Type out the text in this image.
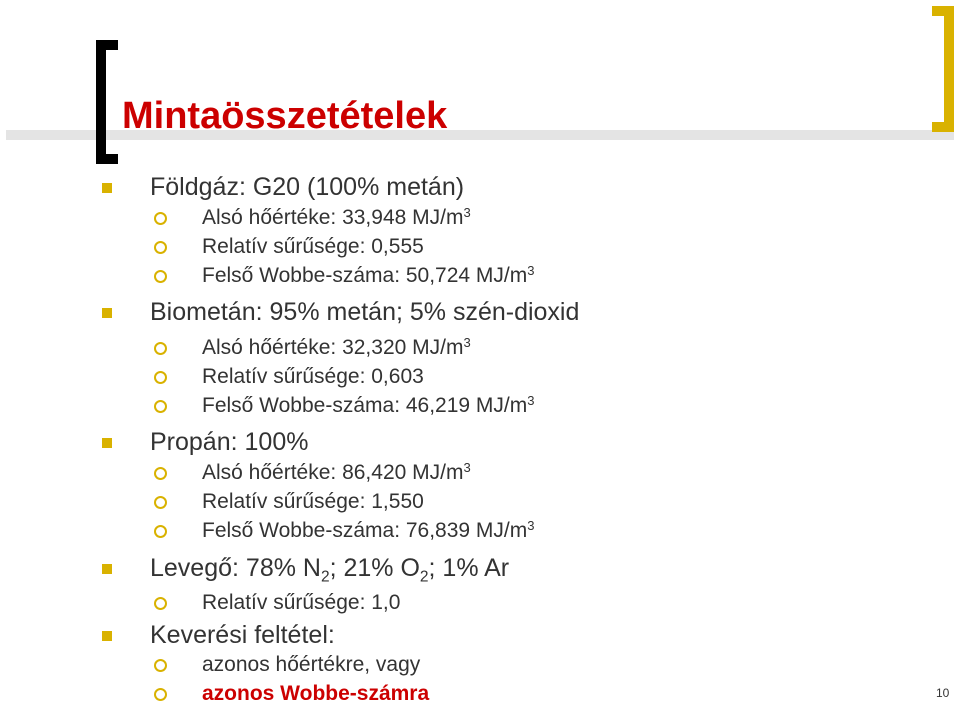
Mintaösszetételek
Földgáz: G20 (100% metán)
Alsó hőértéke: 33,948 $MJ/m^3$
Relatív sűrűsége: 0,555
Felső Wobbe-száma: 50,724 $MJ/m^3$
Biometán: 95% metán; 5% szén-dioxid
Alsó hőértéke: 32,320 $MJ/m^3$
Relatív sűrűsége: 0,603
Felső Wobbe-száma: 46,219 $MJ/m^3$
Propán: 100%
Alsó hőértéke: 86,420 $MJ/m^3$
Relatív sűrűsége: 1,550
Felső Wobbe-száma: 76,839 $MJ/m^3$
Levegő: 78% $N_2$; 21% $O_2$; 1% Ar
Relatív sűrűsége: 1,0
Keverési feltétel:
azonos hőértékre, vagy
azonos Wobbe-számra	10
